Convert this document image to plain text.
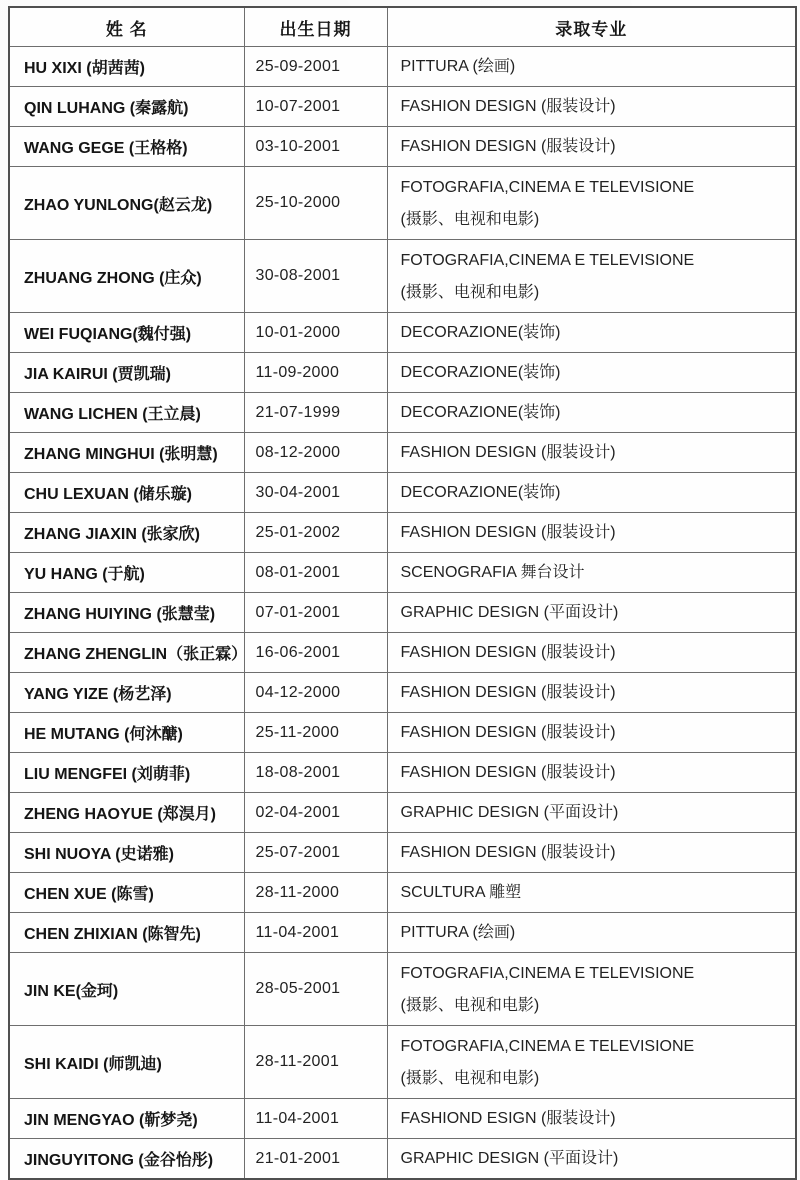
姓 名	出生日期	录取专业
HU XIXI (胡茜茜)	25-09-2001	PITTURA (绘画)

QIN LUHANG (秦露航)	10-07-2001	FASHION DESIGN (服装设计)

WANG GEGE (王格格)	03-10-2001	FASHION DESIGN (服装设计)

ZHAO YUNLONG(赵云龙)	25-10-2000	FOTOGRAFIA,CINEMA E TELEVISIONE
(摄影、电视和电影)

ZHUANG ZHONG (庄众)	30-08-2001	FOTOGRAFIA,CINEMA E TELEVISIONE
(摄影、电视和电影)

WEI FUQIANG(魏付强)	10-01-2000	DECORAZIONE(装饰)

JIA KAIRUI (贾凯瑞)	11-09-2000	DECORAZIONE(装饰)

WANG LICHEN (王立晨)	21-07-1999	DECORAZIONE(装饰)

ZHANG MINGHUI (张明慧)	08-12-2000	FASHION DESIGN (服装设计)

CHU LEXUAN (储乐璇)	30-04-2001	DECORAZIONE(装饰)

ZHANG JIAXIN (张家欣)	25-01-2002	FASHION DESIGN (服装设计)

YU HANG (于航)	08-01-2001	SCENOGRAFIA 舞台设计

ZHANG HUIYING (张慧莹)	07-01-2001	GRAPHIC DESIGN (平面设计)

ZHANG ZHENGLIN（张正霖）	16-06-2001	FASHION DESIGN (服装设计)

YANG YIZE (杨艺泽)	04-12-2000	FASHION DESIGN (服装设计)

HE MUTANG (何沐醣)	25-11-2000	FASHION DESIGN (服装设计)

LIU MENGFEI (刘萌菲)	18-08-2001	FASHION DESIGN (服装设计)

ZHENG HAOYUE (郑淏月)	02-04-2001	GRAPHIC DESIGN (平面设计)

SHI NUOYA (史诺雅)	25-07-2001	FASHION DESIGN (服装设计)

CHEN XUE (陈雪)	28-11-2000	SCULTURA 雕塑

CHEN ZHIXIAN (陈智先)	11-04-2001	PITTURA (绘画)

JIN KE(金珂)	28-05-2001	FOTOGRAFIA,CINEMA E TELEVISIONE
(摄影、电视和电影)

SHI KAIDI (师凯迪)	28-11-2001	FOTOGRAFIA,CINEMA E TELEVISIONE
(摄影、电视和电影)

JIN MENGYAO (靳梦尧)	11-04-2001	FASHIOND ESIGN (服装设计)

JINGUYITONG (金谷怡彤)	21-01-2001	GRAPHIC DESIGN (平面设计)
